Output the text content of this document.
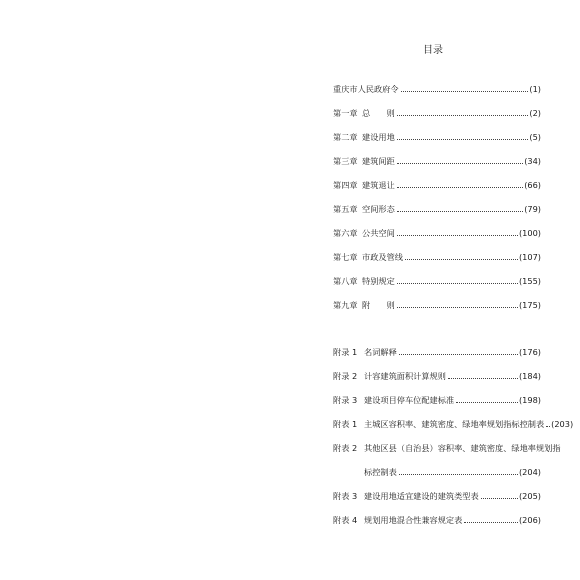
目录
重庆市人民政府令	(1)
第一章 总　　则	(2)
第二章 建设用地	(5)
第三章 建筑间距	(34)
第四章 建筑退让	(66)
第五章 空间形态	(79)
第六章 公共空间	(100)
第七章 市政及管线	(107)
第八章 特别规定	(155)
第九章 附　　则	(175)
附录 1 名词解释	(176)
附录 2 计容建筑面积计算规则	(184)
附录 3 建设项目停车位配建标准	(198)
附表 1 主城区容积率、建筑密度、绿地率规划指标控制表 (203)
附表 2 其他区县（自治县）容积率、建筑密度、绿地率规划指
标控制表	(204)
附表 3 建设用地适宜建设的建筑类型表	(205)
附表 4 规划用地混合性兼容规定表	(206)
